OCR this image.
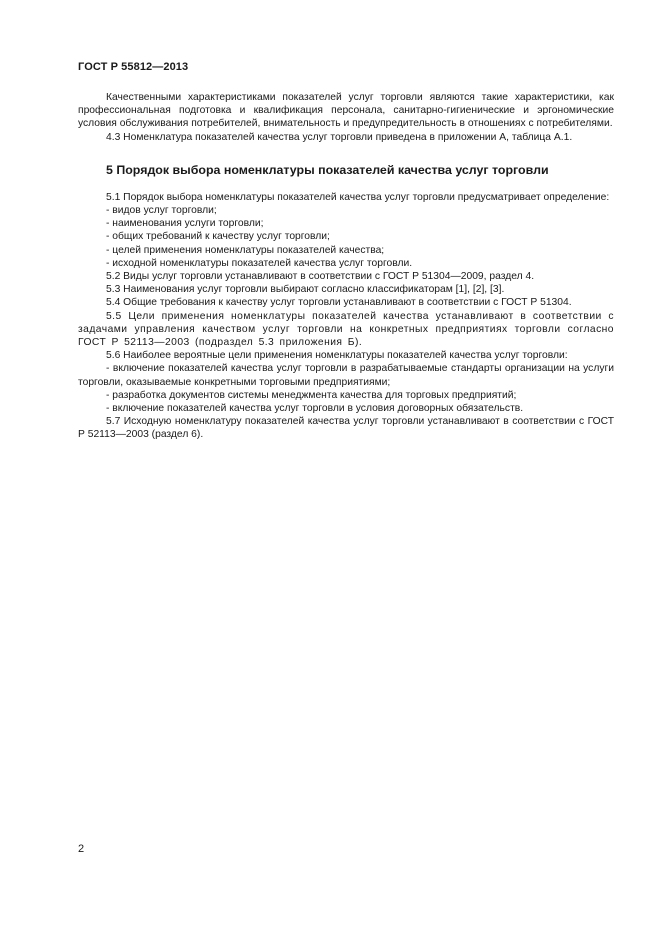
ГОСТ Р 55812—2013

Качественными характеристиками показателей услуг торговли являются такие характеристики, как профессиональная подготовка и квалификация персонала, санитарно-гигиенические и эргономические условия обслуживания потребителей, внимательность и предупредительность в отношениях с потребителями.

4.3 Номенклатура показателей качества услуг торговли приведена в приложении А, таблица А.1.

5 Порядок выбора номенклатуры показателей качества услуг торговли

5.1 Порядок выбора номенклатуры показателей качества услуг торговли предусматривает определение:

- видов услуг торговли;

- наименования услуги торговли;

- общих требований к качеству услуг торговли;

- целей применения номенклатуры показателей качества;

- исходной номенклатуры показателей качества услуг торговли.

5.2 Виды услуг торговли устанавливают в соответствии с ГОСТ Р 51304—2009, раздел 4.

5.3 Наименования услуг торговли выбирают согласно классификаторам [1], [2], [3].

5.4 Общие требования к качеству услуг торговли устанавливают в соответствии с ГОСТ Р 51304.

5.5 Цели применения номенклатуры показателей качества устанавливают в соответствии с задачами управления качеством услуг торговли на конкретных предприятиях торговли согласно ГОСТ Р 52113—2003 (подраздел 5.3 приложения Б).

5.6 Наиболее вероятные цели применения номенклатуры показателей качества услуг торговли:

- включение показателей качества услуг торговли в разрабатываемые стандарты организации на услуги торговли, оказываемые конкретными торговыми предприятиями;

- разработка документов системы менеджмента качества для торговых предприятий;

- включение показателей качества услуг торговли в условия договорных обязательств.

5.7 Исходную номенклатуру показателей качества услуг торговли устанавливают в соответствии с ГОСТ Р 52113—2003 (раздел 6).

2
